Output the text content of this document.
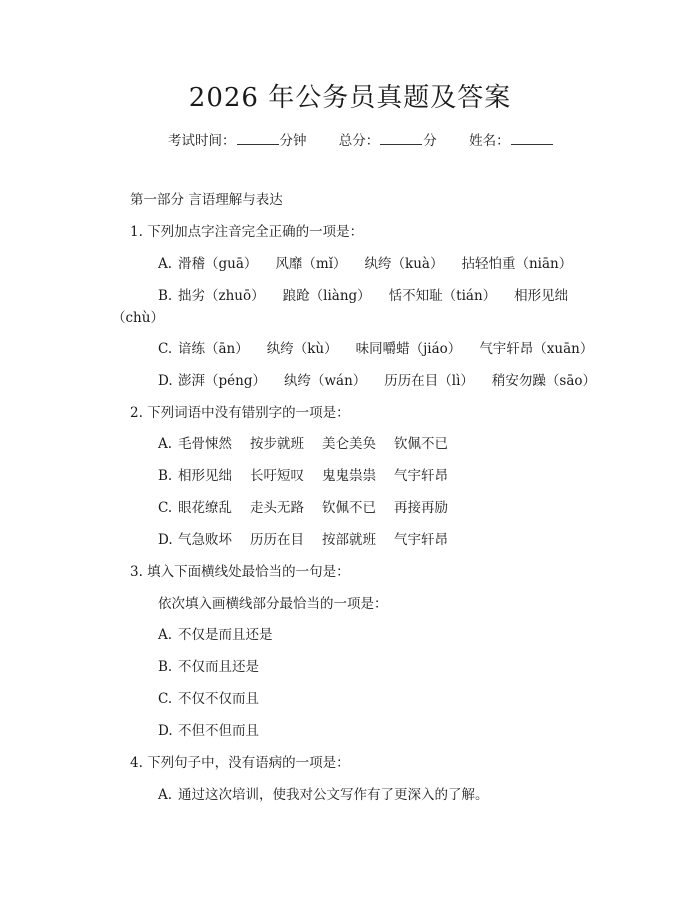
2026 年公务员真题及答案
考试时间：	分钟 总分：	分 姓名：
第一部分 言语理解与表达
1. 下列加点字注音完全正确的一项是：
A. 滑稽（guā） 风靡（mǐ） 纨绔（kuà） 拈轻怕重（niān）
B. 拙劣（zhuō） 踉跄（liàng） 恬不知耻（tián） 相形见绌
（chù）
C. 谙练（ān） 纨绔（kù） 味同嚼蜡（jiáo） 气宇轩昂（xuān）
D. 澎湃（péng） 纨绔（wán） 历历在目（lì） 稍安勿躁（sāo）
2. 下列词语中没有错别字的一项是：
A. 毛骨悚然 按步就班 美仑美奂 钦佩不已
B. 相形见绌 长吁短叹 鬼鬼祟祟 气宇轩昂
C. 眼花缭乱 走头无路 钦佩不已 再接再励
D. 气急败坏 历历在目 按部就班 气宇轩昂
3. 填入下面横线处最恰当的一句是：
依次填入画横线部分最恰当的一项是：
A. 不仅是而且还是
B. 不仅而且还是
C. 不仅不仅而且
D. 不但不但而且
4. 下列句子中，没有语病的一项是：
A. 通过这次培训，使我对公文写作有了更深入的了解。
